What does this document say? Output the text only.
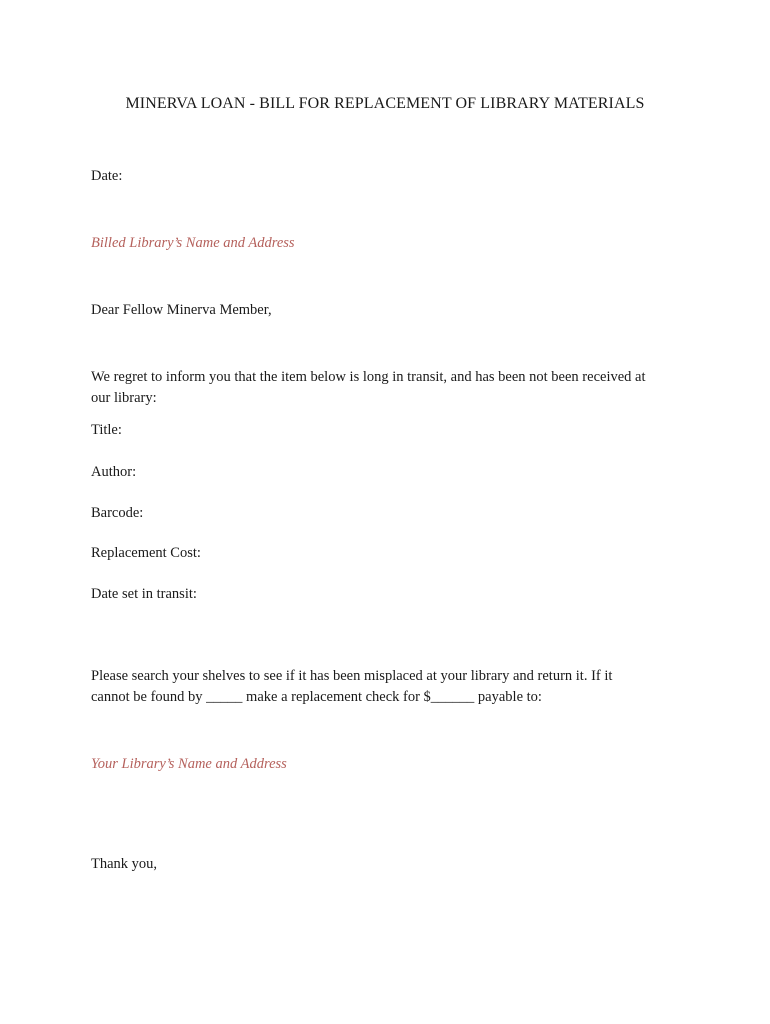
MINERVA LOAN - BILL FOR REPLACEMENT OF LIBRARY MATERIALS

Date:

Billed Library’s Name and Address

Dear Fellow Minerva Member,

We regret to inform you that the item below is long in transit, and has been not been received at
our library:

Title:

Author:

Barcode:

Replacement Cost:

Date set in transit:

Please search your shelves to see if it has been misplaced at your library and return it. If it
cannot be found by _____ make a replacement check for $______ payable to:

Your Library’s Name and Address

Thank you,
